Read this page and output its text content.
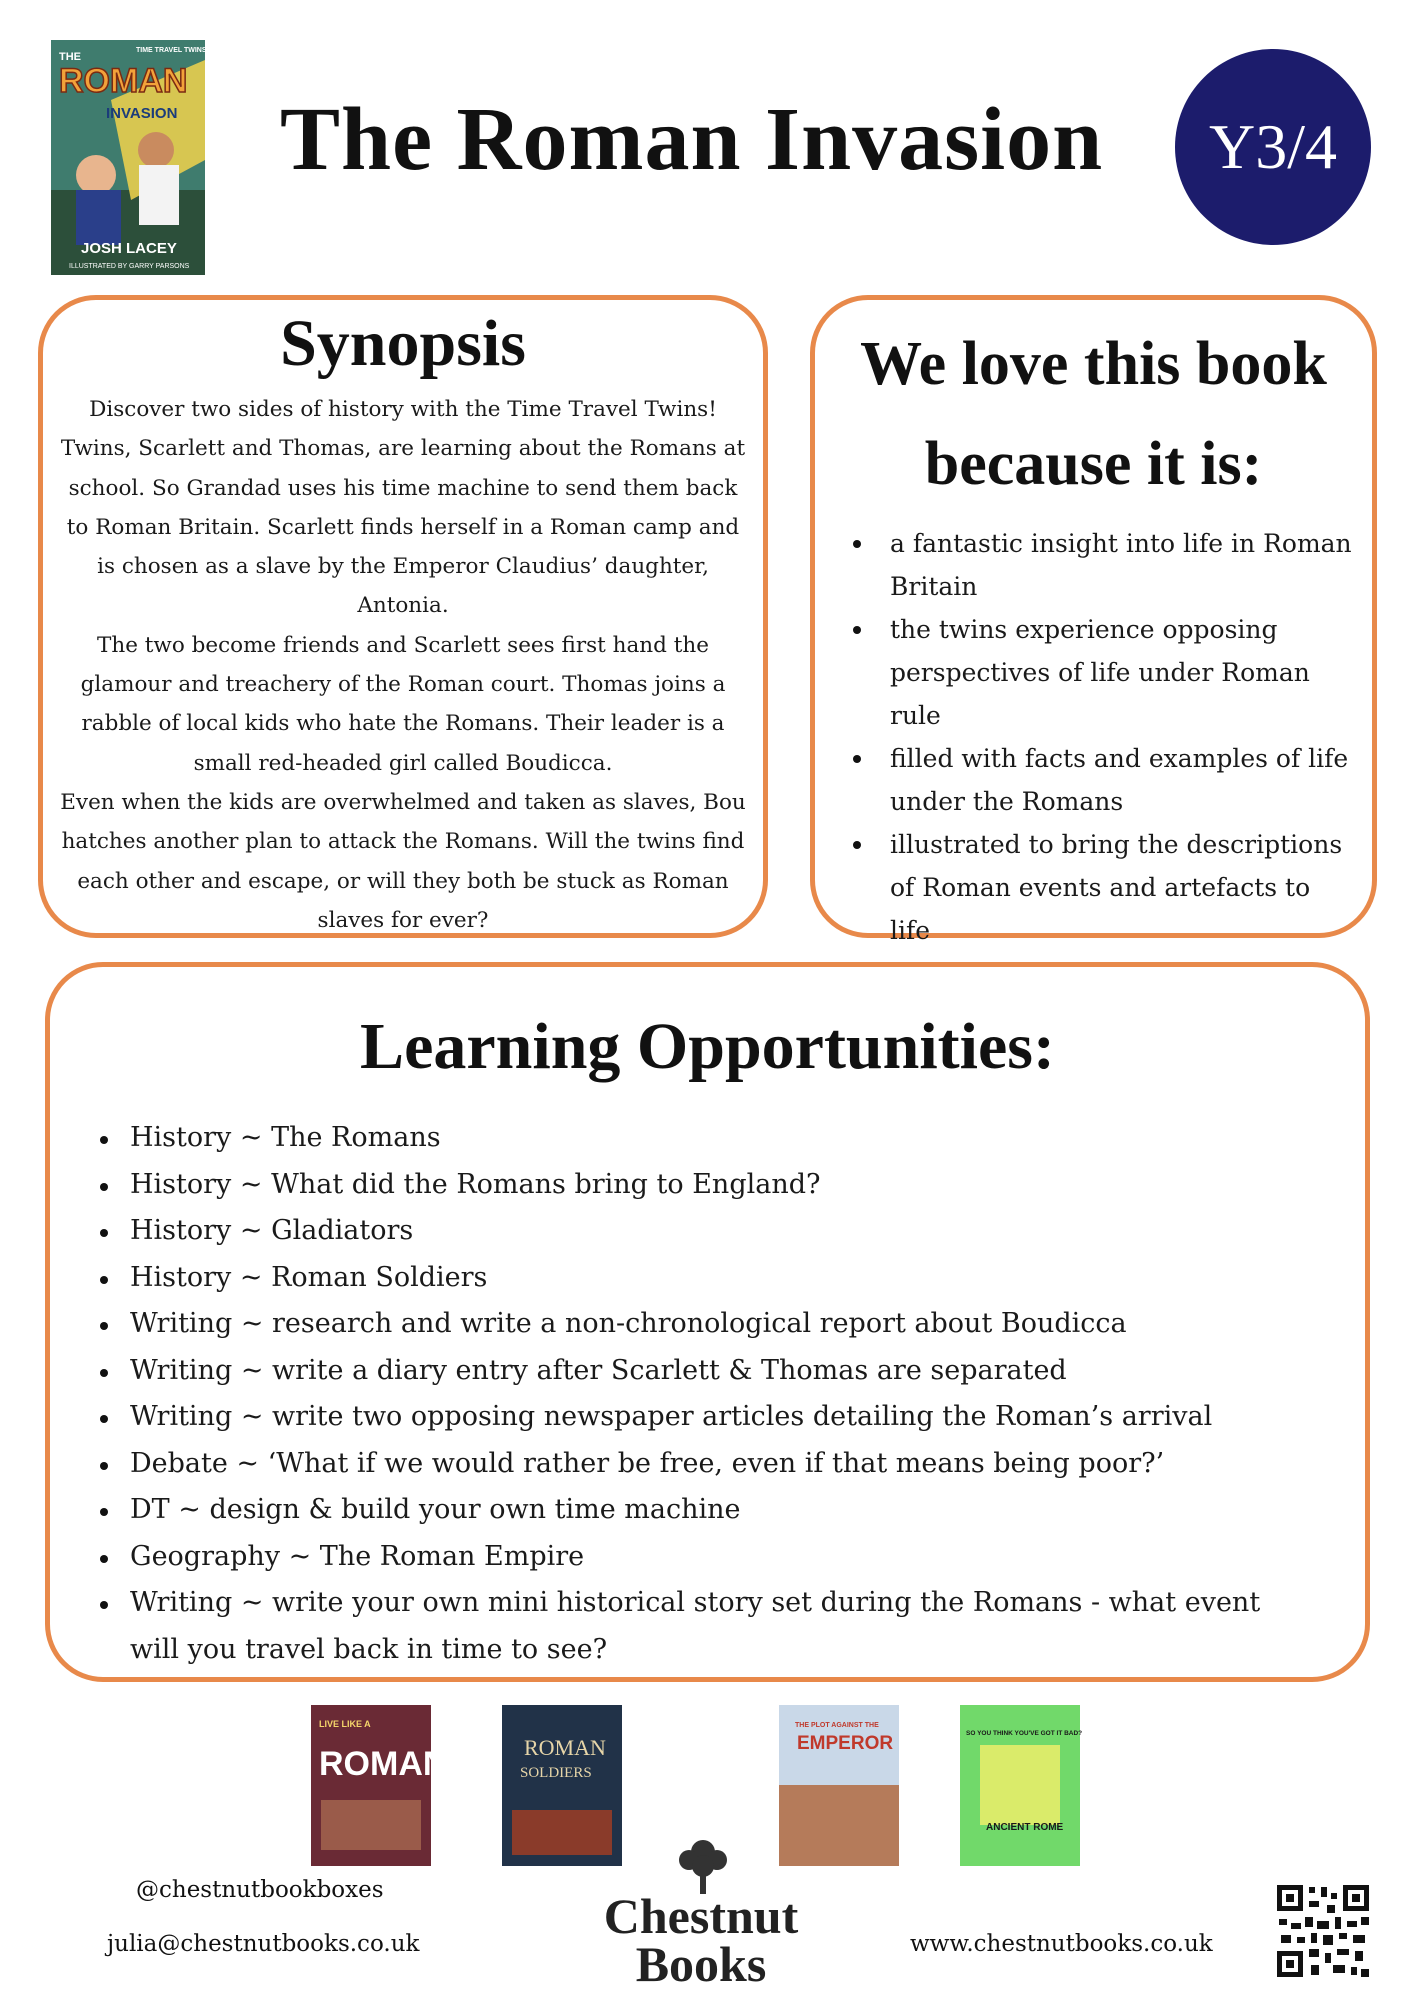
THE
TIME TRAVEL TWINS
ROMAN
INVASION
JOSH LACEY
ILLUSTRATED BY GARRY PARSONS
The Roman Invasion	Y3/4
Synopsis

Discover two sides of history with the Time Travel Twins! Twins, Scarlett and Thomas, are learning about the Romans at school. So Grandad uses his time machine to send them back to Roman Britain. Scarlett finds herself in a Roman camp and is chosen as a slave by the Emperor Claudius’ daughter, Antonia.

The two become friends and Scarlett sees first hand the glamour and treachery of the Roman court. Thomas joins a rabble of local kids who hate the Romans. Their leader is a small red-headed girl called Boudicca.

Even when the kids are overwhelmed and taken as slaves, Bou hatches another plan to attack the Romans. Will the twins find each other and escape, or will they both be stuck as Roman slaves for ever?

We love this book
because it is:
a fantastic insight into life in Roman Britain
the twins experience opposing perspectives of life under Roman rule
filled with facts and examples of life under the Romans
illustrated to bring the descriptions of Roman events and artefacts to life
Learning Opportunities:
History ~ The Romans
History ~ What did the Romans bring to England?
History ~ Gladiators
History ~ Roman Soldiers
Writing ~ research and write a non-chronological report about Boudicca
Writing ~ write a diary entry after Scarlett & Thomas are separated
Writing ~ write two opposing newspaper articles detailing the Roman’s arrival
Debate ~ ‘What if we would rather be free, even if that means being poor?’
DT ~ design & build your own time machine
Geography ~ The Roman Empire
Writing ~ write your own mini historical story set during the Romans - what event will you travel back in time to see?
LIVE LIKE A
ROMAN	ROMAN
SOLDIERS
THE PLOT AGAINST THE
EMPEROR	SO YOU THINK YOU'VE GOT IT BAD?
ANCIENT ROME
@chestnutbookboxes
julia@chestnutbooks.co.uk	www.chestnutbooks.co.uk
Chestnut
Books
